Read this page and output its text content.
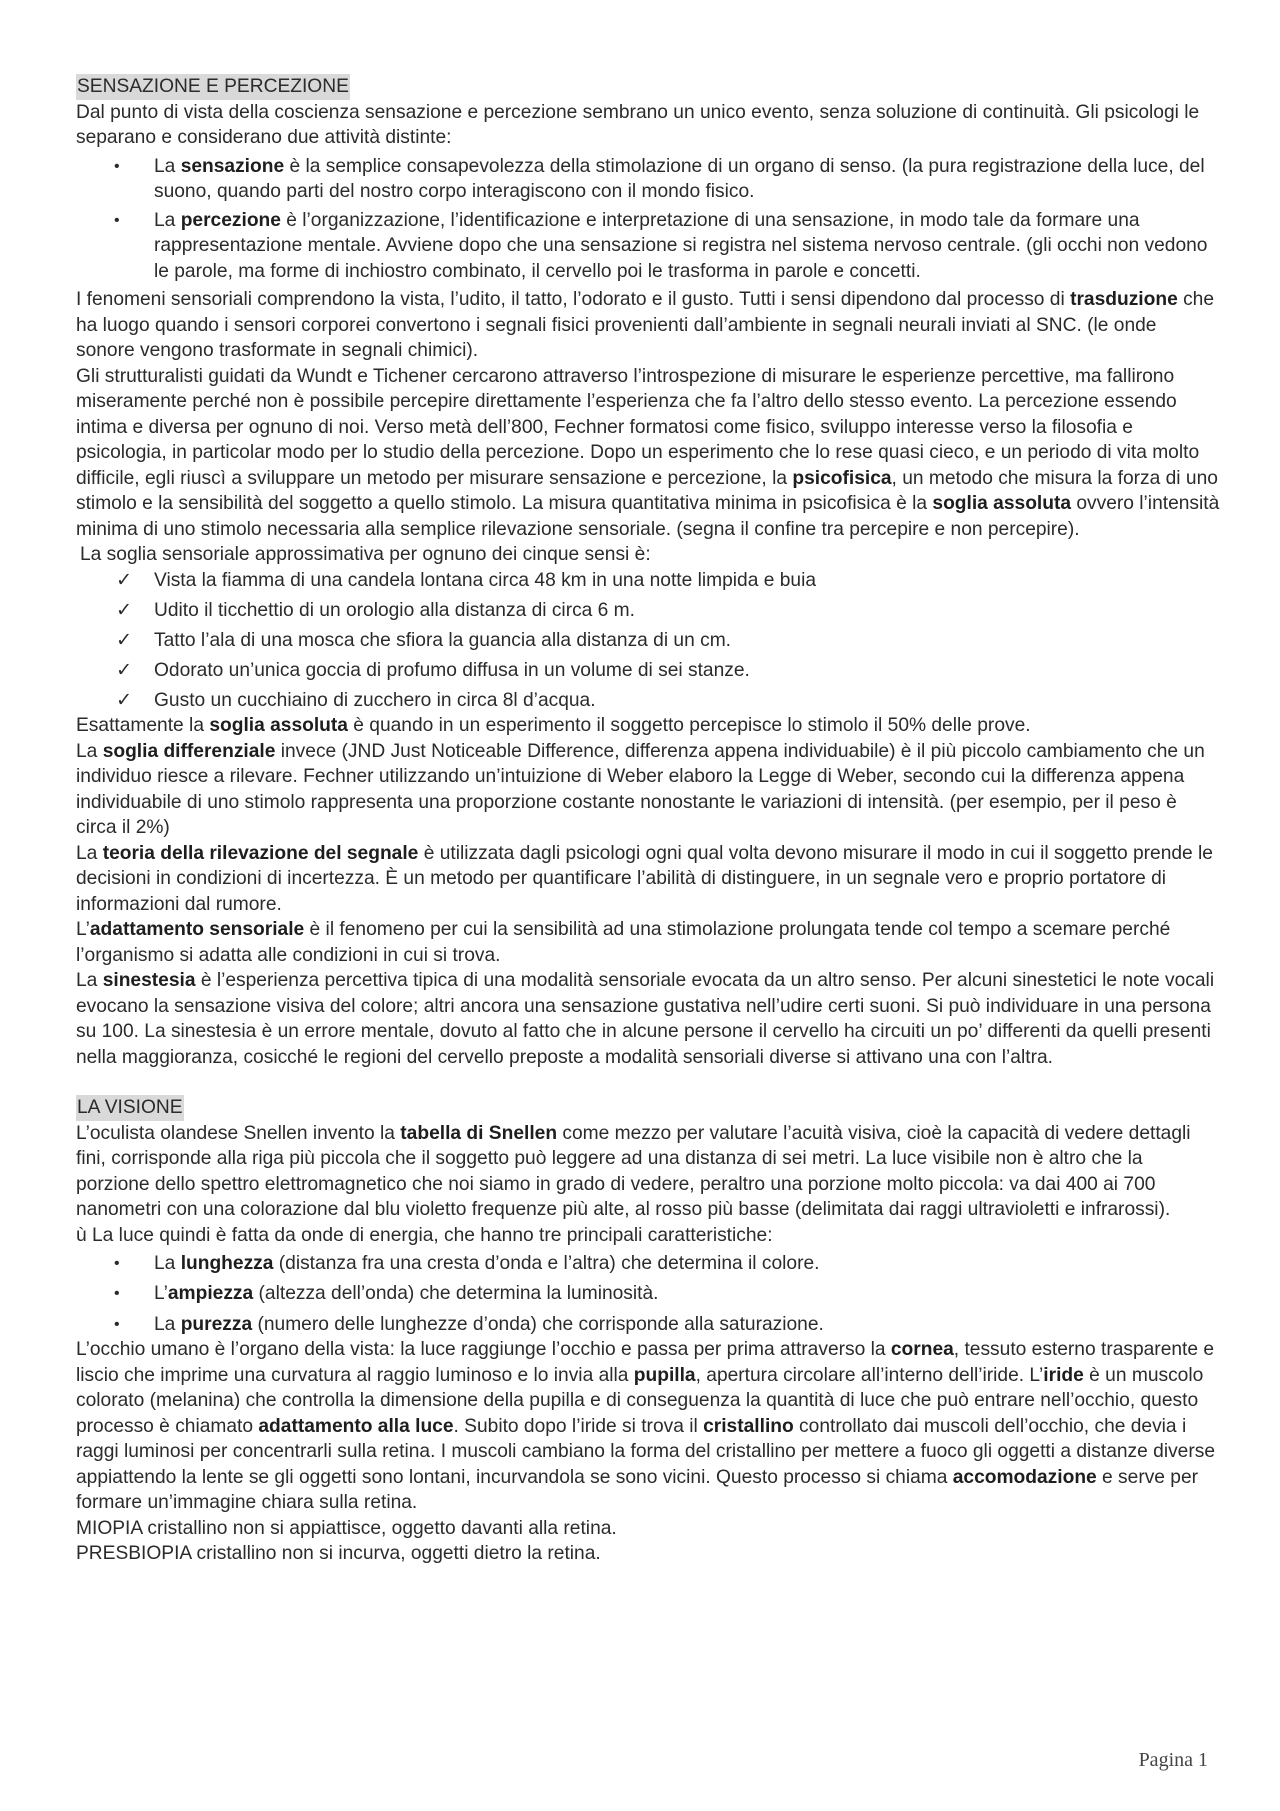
SENSAZIONE E PERCEZIONE

Dal punto di vista della coscienza sensazione e percezione sembrano un unico evento, senza soluzione di continuità. Gli psicologi le separano e considerano due attività distinte:

• La sensazione è la semplice consapevolezza della stimolazione di un organo di senso. (la pura registrazione della luce, del suono, quando parti del nostro corpo interagiscono con il mondo fisico.
• La percezione è l’organizzazione, l’identificazione e interpretazione di una sensazione, in modo tale da formare una rappresentazione mentale. Avviene dopo che una sensazione si registra nel sistema nervoso centrale. (gli occhi non vedono le parole, ma forme di inchiostro combinato, il cervello poi le trasforma in parole e concetti.

I fenomeni sensoriali comprendono la vista, l’udito, il tatto, l’odorato e il gusto. Tutti i sensi dipendono dal processo di trasduzione che ha luogo quando i sensori corporei convertono i segnali fisici provenienti dall’ambiente in segnali neurali inviati al SNC. (le onde sonore vengono trasformate in segnali chimici).

Gli strutturalisti guidati da Wundt e Tichener cercarono attraverso l’introspezione di misurare le esperienze percettive, ma fallirono miseramente perché non è possibile percepire direttamente l’esperienza che fa l’altro dello stesso evento. La percezione essendo intima e diversa per ognuno di noi. Verso metà dell’800, Fechner formatosi come fisico, sviluppo interesse verso la filosofia e psicologia, in particolar modo per lo studio della percezione. Dopo un esperimento che lo rese quasi cieco, e un periodo di vita molto difficile, egli riuscì a sviluppare un metodo per misurare sensazione e percezione, la psicofisica, un metodo che misura la forza di uno stimolo e la sensibilità del soggetto a quello stimolo. La misura quantitativa minima in psicofisica è la soglia assoluta ovvero l’intensità minima di uno stimolo necessaria alla semplice rilevazione sensoriale. (segna il confine tra percepire e non percepire).

La soglia sensoriale approssimativa per ognuno dei cinque sensi è:

✓ Vista la fiamma di una candela lontana circa 48 km in una notte limpida e buia
✓ Udito il ticchettio di un orologio alla distanza di circa 6 m.
✓ Tatto l’ala di una mosca che sfiora la guancia alla distanza di un cm.
✓ Odorato un’unica goccia di profumo diffusa in un volume di sei stanze.
✓ Gusto un cucchiaino di zucchero in circa 8l d’acqua.

Esattamente la soglia assoluta è quando in un esperimento il soggetto percepisce lo stimolo il 50% delle prove.

La soglia differenziale invece (JND Just Noticeable Difference, differenza appena individuabile) è il più piccolo cambiamento che un individuo riesce a rilevare. Fechner utilizzando un’intuizione di Weber elaboro la Legge di Weber, secondo cui la differenza appena individuabile di uno stimolo rappresenta una proporzione costante nonostante le variazioni di intensità. (per esempio, per il peso è circa il 2%)

La teoria della rilevazione del segnale è utilizzata dagli psicologi ogni qual volta devono misurare il modo in cui il soggetto prende le decisioni in condizioni di incertezza. È un metodo per quantificare l’abilità di distinguere, in un segnale vero e proprio portatore di informazioni dal rumore.

L’adattamento sensoriale è il fenomeno per cui la sensibilità ad una stimolazione prolungata tende col tempo a scemare perché l’organismo si adatta alle condizioni in cui si trova.

La sinestesia è l’esperienza percettiva tipica di una modalità sensoriale evocata da un altro senso. Per alcuni sinestetici le note vocali evocano la sensazione visiva del colore; altri ancora una sensazione gustativa nell’udire certi suoni. Si può individuare in una persona su 100. La sinestesia è un errore mentale, dovuto al fatto che in alcune persone il cervello ha circuiti un po’ differenti da quelli presenti nella maggioranza, cosicché le regioni del cervello preposte a modalità sensoriali diverse si attivano una con l’altra.

LA VISIONE

L’oculista olandese Snellen invento la tabella di Snellen come mezzo per valutare l’acuità visiva, cioè la capacità di vedere dettagli fini, corrisponde alla riga più piccola che il soggetto può leggere ad una distanza di sei metri. La luce visibile non è altro che la porzione dello spettro elettromagnetico che noi siamo in grado di vedere, peraltro una porzione molto piccola: va dai 400 ai 700 nanometri con una colorazione dal blu violetto frequenze più alte, al rosso più basse (delimitata dai raggi ultravioletti e infrarossi).

ù La luce quindi è fatta da onde di energia, che hanno tre principali caratteristiche:

• La lunghezza (distanza fra una cresta d’onda e l’altra) che determina il colore.
• L’ampiezza (altezza dell’onda) che determina la luminosità.
• La purezza (numero delle lunghezze d’onda) che corrisponde alla saturazione.

L’occhio umano è l’organo della vista: la luce raggiunge l’occhio e passa per prima attraverso la cornea, tessuto esterno trasparente e liscio che imprime una curvatura al raggio luminoso e lo invia alla pupilla, apertura circolare all’interno dell’iride. L’iride è un muscolo colorato (melanina) che controlla la dimensione della pupilla e di conseguenza la quantità di luce che può entrare nell’occhio, questo processo è chiamato adattamento alla luce. Subito dopo l’iride si trova il cristallino controllato dai muscoli dell’occhio, che devia i raggi luminosi per concentrarli sulla retina. I muscoli cambiano la forma del cristallino per mettere a fuoco gli oggetti a distanze diverse appiattendo la lente se gli oggetti sono lontani, incurvandola se sono vicini. Questo processo si chiama accomodazione e serve per formare un’immagine chiara sulla retina.

MIOPIA cristallino non si appiattisce, oggetto davanti alla retina.

PRESBIOPIA cristallino non si incurva, oggetti dietro la retina.

Pagina 1
